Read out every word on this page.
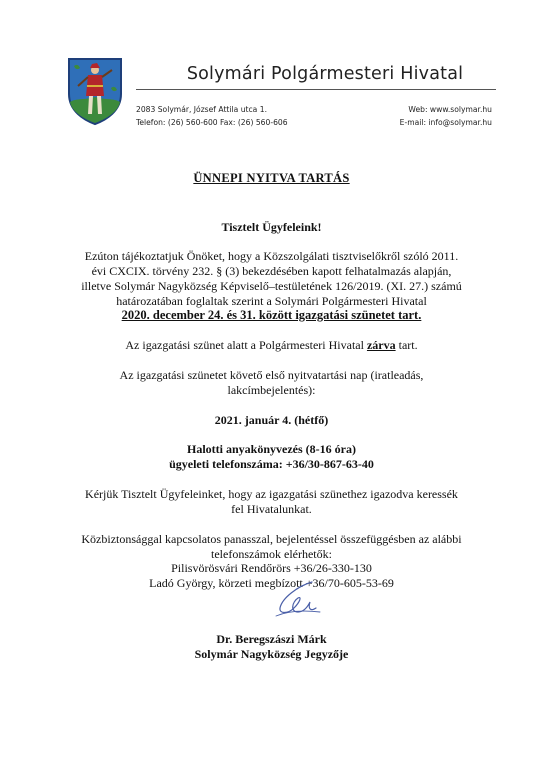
Solymári Polgármesteri Hivatal
2083 Solymár, József Attila utca 1.
Telefon: (26) 560-600 Fax: (26) 560-606
Web: www.solymar.hu
E-mail: info@solymar.hu
ÜNNEPI NYITVA TARTÁS
Tisztelt Ügyfeleink!
Ezúton tájékoztatjuk Önöket, hogy a Közszolgálati tisztviselőkről szóló 2011.
évi CXCIX. törvény 232. § (3) bekezdésében kapott felhatalmazás alapján,
illetve Solymár Nagyközség Képviselő–testületének 126/2019. (XI. 27.) számú
határozatában foglaltak szerint a Solymári Polgármesteri Hivatal
2020. december 24. és 31. között igazgatási szünetet tart.
Az igazgatási szünet alatt a Polgármesteri Hivatal zárva tart.
Az igazgatási szünetet követő első nyitvatartási nap (iratleadás,
lakcímbejelentés):
2021. január 4. (hétfő)
Halotti anyakönyvezés (8-16 óra)
ügyeleti telefonszáma: +36/30-867-63-40
Kérjük Tisztelt Ügyfeleinket, hogy az igazgatási szünethez igazodva keressék
fel Hivatalunkat.
Közbiztonsággal kapcsolatos panasszal, bejelentéssel összefüggésben az alábbi
telefonszámok elérhetők:
Pilisvörösvári Rendőrörs +36/26-330-130
Ladó György, körzeti megbízott +36/70-605-53-69
Dr. Beregszászi Márk
Solymár Nagyközség Jegyzője
